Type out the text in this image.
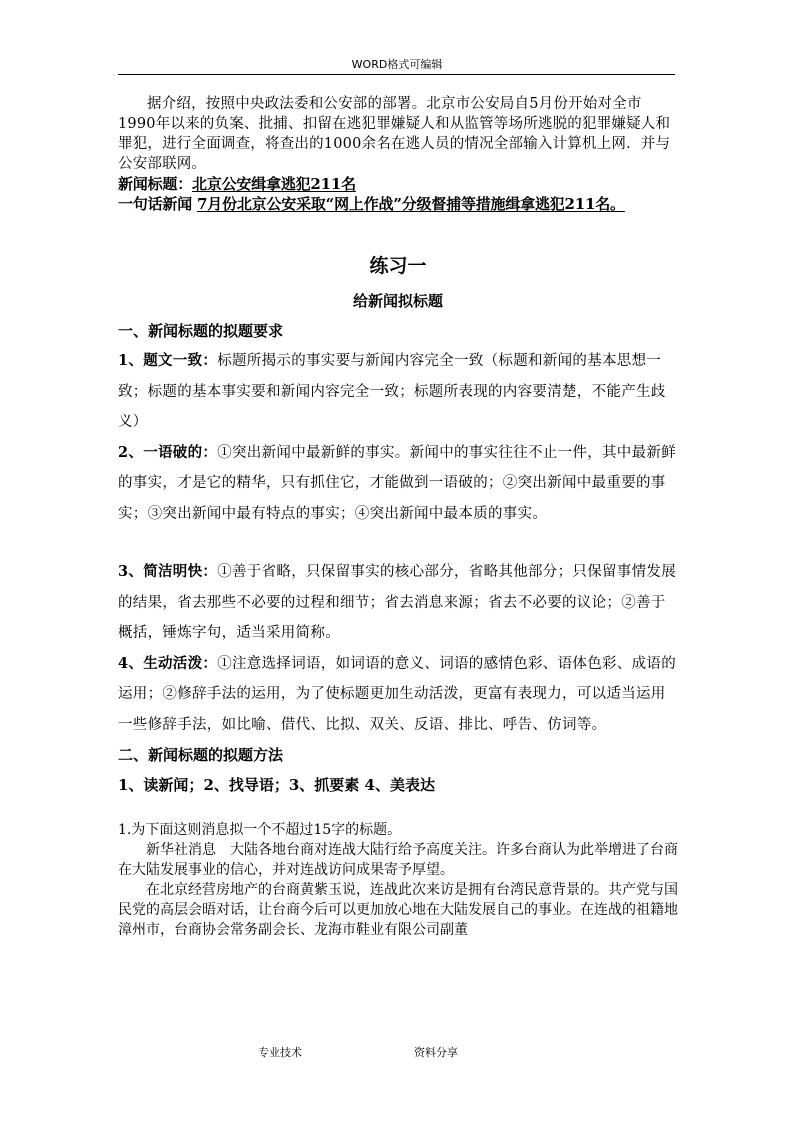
WORD格式可编辑

据介绍，按照中央政法委和公安部的部署。北京市公安局自5月份开始对全市1990年以来的负案、批捕、扣留在逃犯罪嫌疑人和从监管等场所逃脱的犯罪嫌疑人和罪犯，进行全面调查，将查出的1000余名在逃人员的情况全部输入计算机上网．并与公安部联网。

新闻标题：北京公安缉拿逃犯211名

一句话新闻 7月份北京公安采取“网上作战”分级督捕等措施缉拿逃犯211名。

练习一

给新闻拟标题

一、新闻标题的拟题要求

1、题文一致：标题所揭示的事实要与新闻内容完全一致（标题和新闻的基本思想一致；标题的基本事实要和新闻内容完全一致；标题所表现的内容要清楚，不能产生歧义）

2、一语破的：①突出新闻中最新鲜的事实。新闻中的事实往往不止一件，其中最新鲜的事实，才是它的精华，只有抓住它，才能做到一语破的；②突出新闻中最重要的事实；③突出新闻中最有特点的事实；④突出新闻中最本质的事实。

3、简洁明快：①善于省略，只保留事实的核心部分，省略其他部分；只保留事情发展的结果，省去那些不必要的过程和细节；省去消息来源；省去不必要的议论；②善于概括，锤炼字句，适当采用简称。

4、生动活泼：①注意选择词语，如词语的意义、词语的感情色彩、语体色彩、成语的运用；②修辞手法的运用，为了使标题更加生动活泼，更富有表现力，可以适当运用一些修辞手法，如比喻、借代、比拟、双关、反语、排比、呼告、仿词等。

二、新闻标题的拟题方法

1、读新闻；2、找导语；3、抓要素 4、美表达

1.为下面这则消息拟一个不超过15字的标题。

新华社消息　大陆各地台商对连战大陆行给予高度关注。许多台商认为此举增进了台商在大陆发展事业的信心，并对连战访问成果寄予厚望。

在北京经营房地产的台商黄紫玉说，连战此次来访是拥有台湾民意背景的。共产党与国民党的高层会晤对话，让台商今后可以更加放心地在大陆发展自己的事业。在连战的祖籍地漳州市，台商协会常务副会长、龙海市鞋业有限公司副董

专业技术	资料分享
